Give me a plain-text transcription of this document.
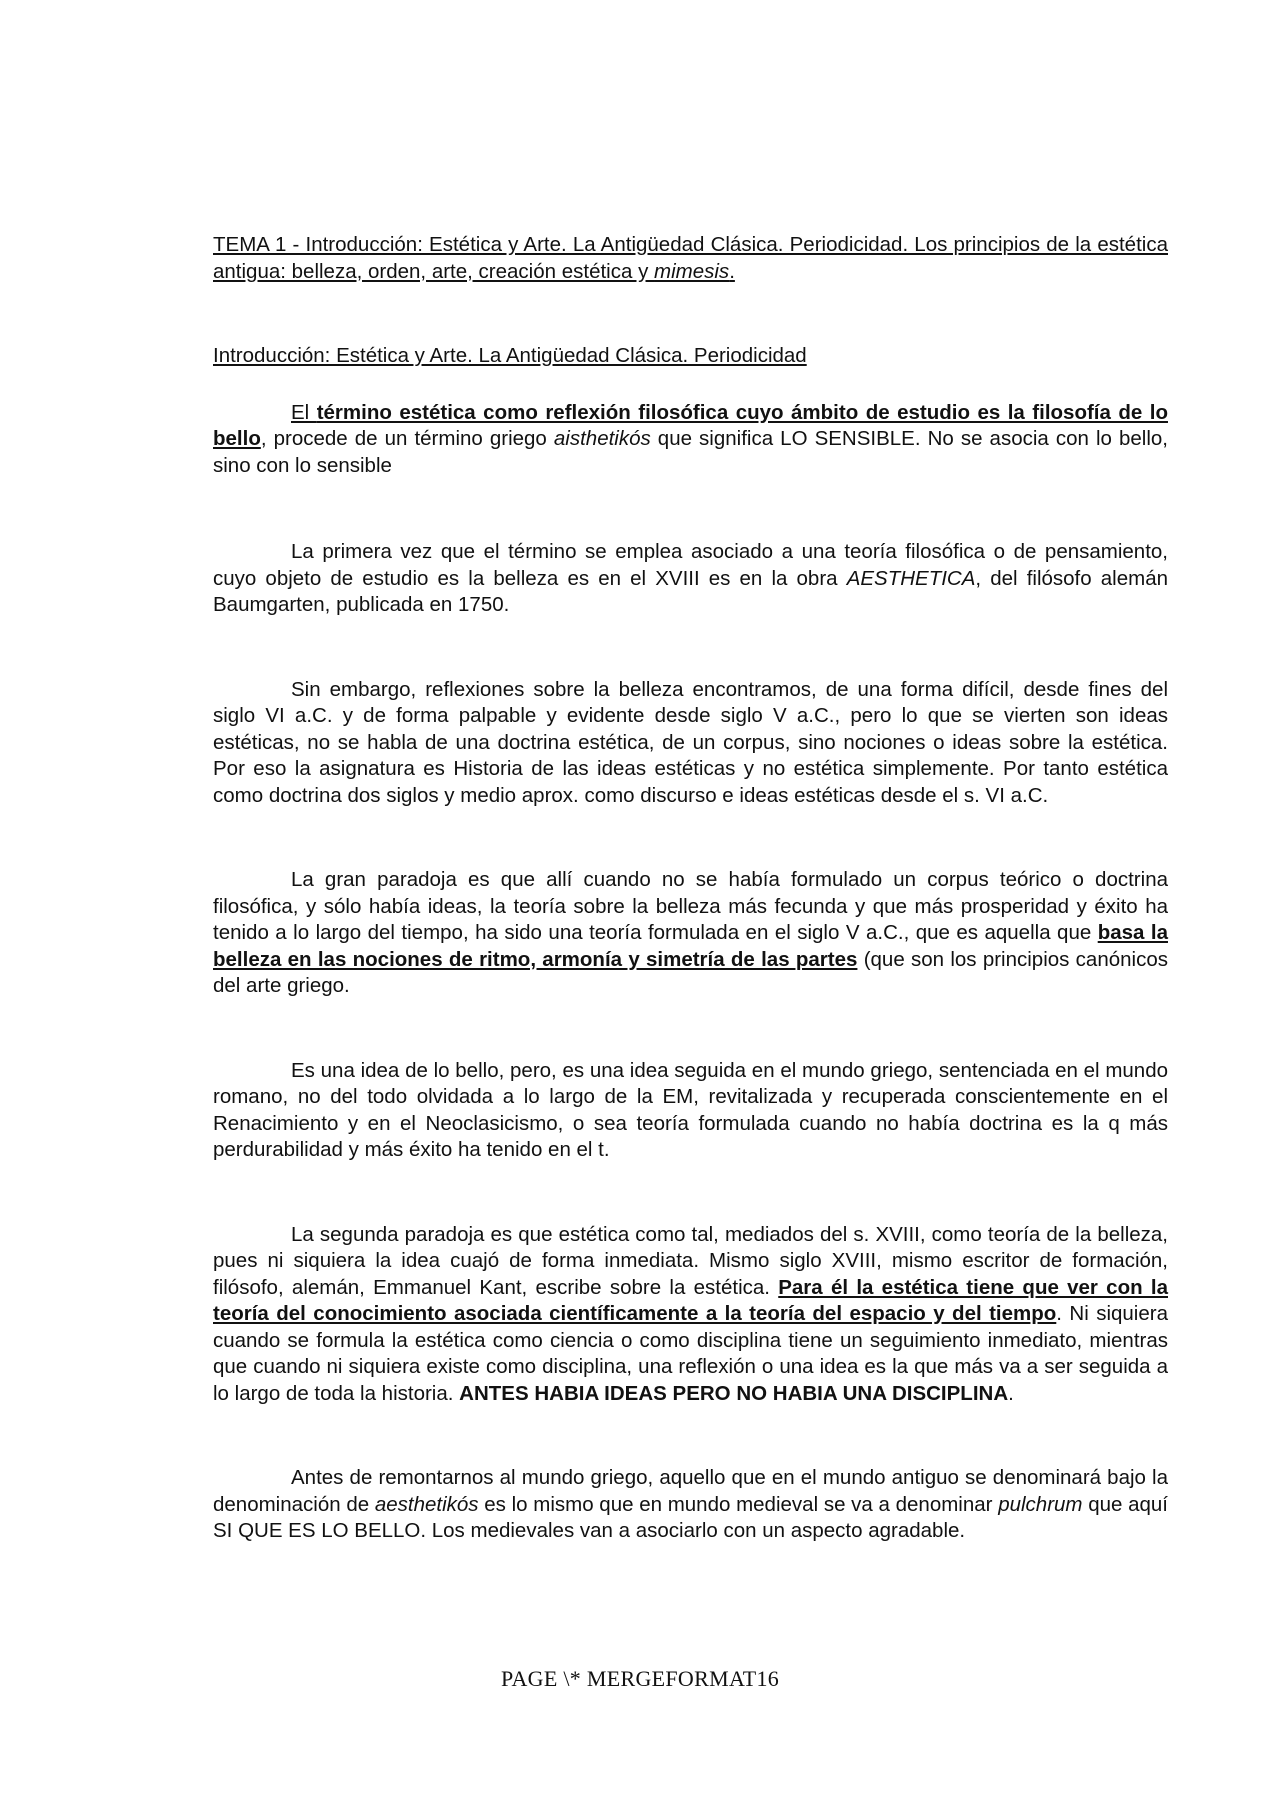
TEMA 1 - Introducción: Estética y Arte. La Antigüedad Clásica. Periodicidad. Los principios de la estética antigua: belleza, orden, arte, creación estética y mimesis.

Introducción: Estética y Arte. La Antigüedad Clásica. Periodicidad

El término estética como reflexión filosófica cuyo ámbito de estudio es la filosofía de lo bello, procede de un término griego aisthetikós que significa LO SENSIBLE. No se asocia con lo bello, sino con lo sensible

La primera vez que el término se emplea asociado a una teoría filosófica o de pensamiento, cuyo objeto de estudio es la belleza es en el XVIII es en la obra AESTHETICA, del filósofo alemán Baumgarten, publicada en 1750.

Sin embargo, reflexiones sobre la belleza encontramos, de una forma difícil, desde fines del siglo VI a.C. y de forma palpable y evidente desde siglo V a.C., pero lo que se vierten son ideas estéticas, no se habla de una doctrina estética, de un corpus, sino nociones o ideas sobre la estética. Por eso la asignatura es Historia de las ideas estéticas y no estética simplemente. Por tanto estética como doctrina dos siglos y medio aprox. como discurso e ideas estéticas desde el s. VI a.C.

La gran paradoja es que allí cuando no se había formulado un corpus teórico o doctrina filosófica, y sólo había ideas, la teoría sobre la belleza más fecunda y que más prosperidad y éxito ha tenido a lo largo del tiempo, ha sido una teoría formulada en el siglo V a.C., que es aquella que basa la belleza en las nociones de ritmo, armonía y simetría de las partes (que son los principios canónicos del arte griego.

Es una idea de lo bello, pero, es una idea seguida en el mundo griego, sentenciada en el mundo romano, no del todo olvidada a lo largo de la EM, revitalizada y recuperada conscientemente en el Renacimiento y en el Neoclasicismo, o sea teoría formulada cuando no había doctrina es la q más perdurabilidad y más éxito ha tenido en el t.

La segunda paradoja es que estética como tal, mediados del s. XVIII, como teoría de la belleza, pues ni siquiera la idea cuajó de forma inmediata. Mismo siglo XVIII, mismo escritor de formación, filósofo, alemán, Emmanuel Kant, escribe sobre la estética. Para él la estética tiene que ver con la teoría del conocimiento asociada científicamente a la teoría del espacio y del tiempo. Ni siquiera cuando se formula la estética como ciencia o como disciplina tiene un seguimiento inmediato, mientras que cuando ni siquiera existe como disciplina, una reflexión o una idea es la que más va a ser seguida a lo largo de toda la historia. ANTES HABIA IDEAS PERO NO HABIA UNA DISCIPLINA.

Antes de remontarnos al mundo griego, aquello que en el mundo antiguo se denominará bajo la denominación de aesthetikós es lo mismo que en mundo medieval se va a denominar pulchrum que aquí SI QUE ES LO BELLO. Los medievales van a asociarlo con un aspecto agradable.

PAGE \* MERGEFORMAT16
